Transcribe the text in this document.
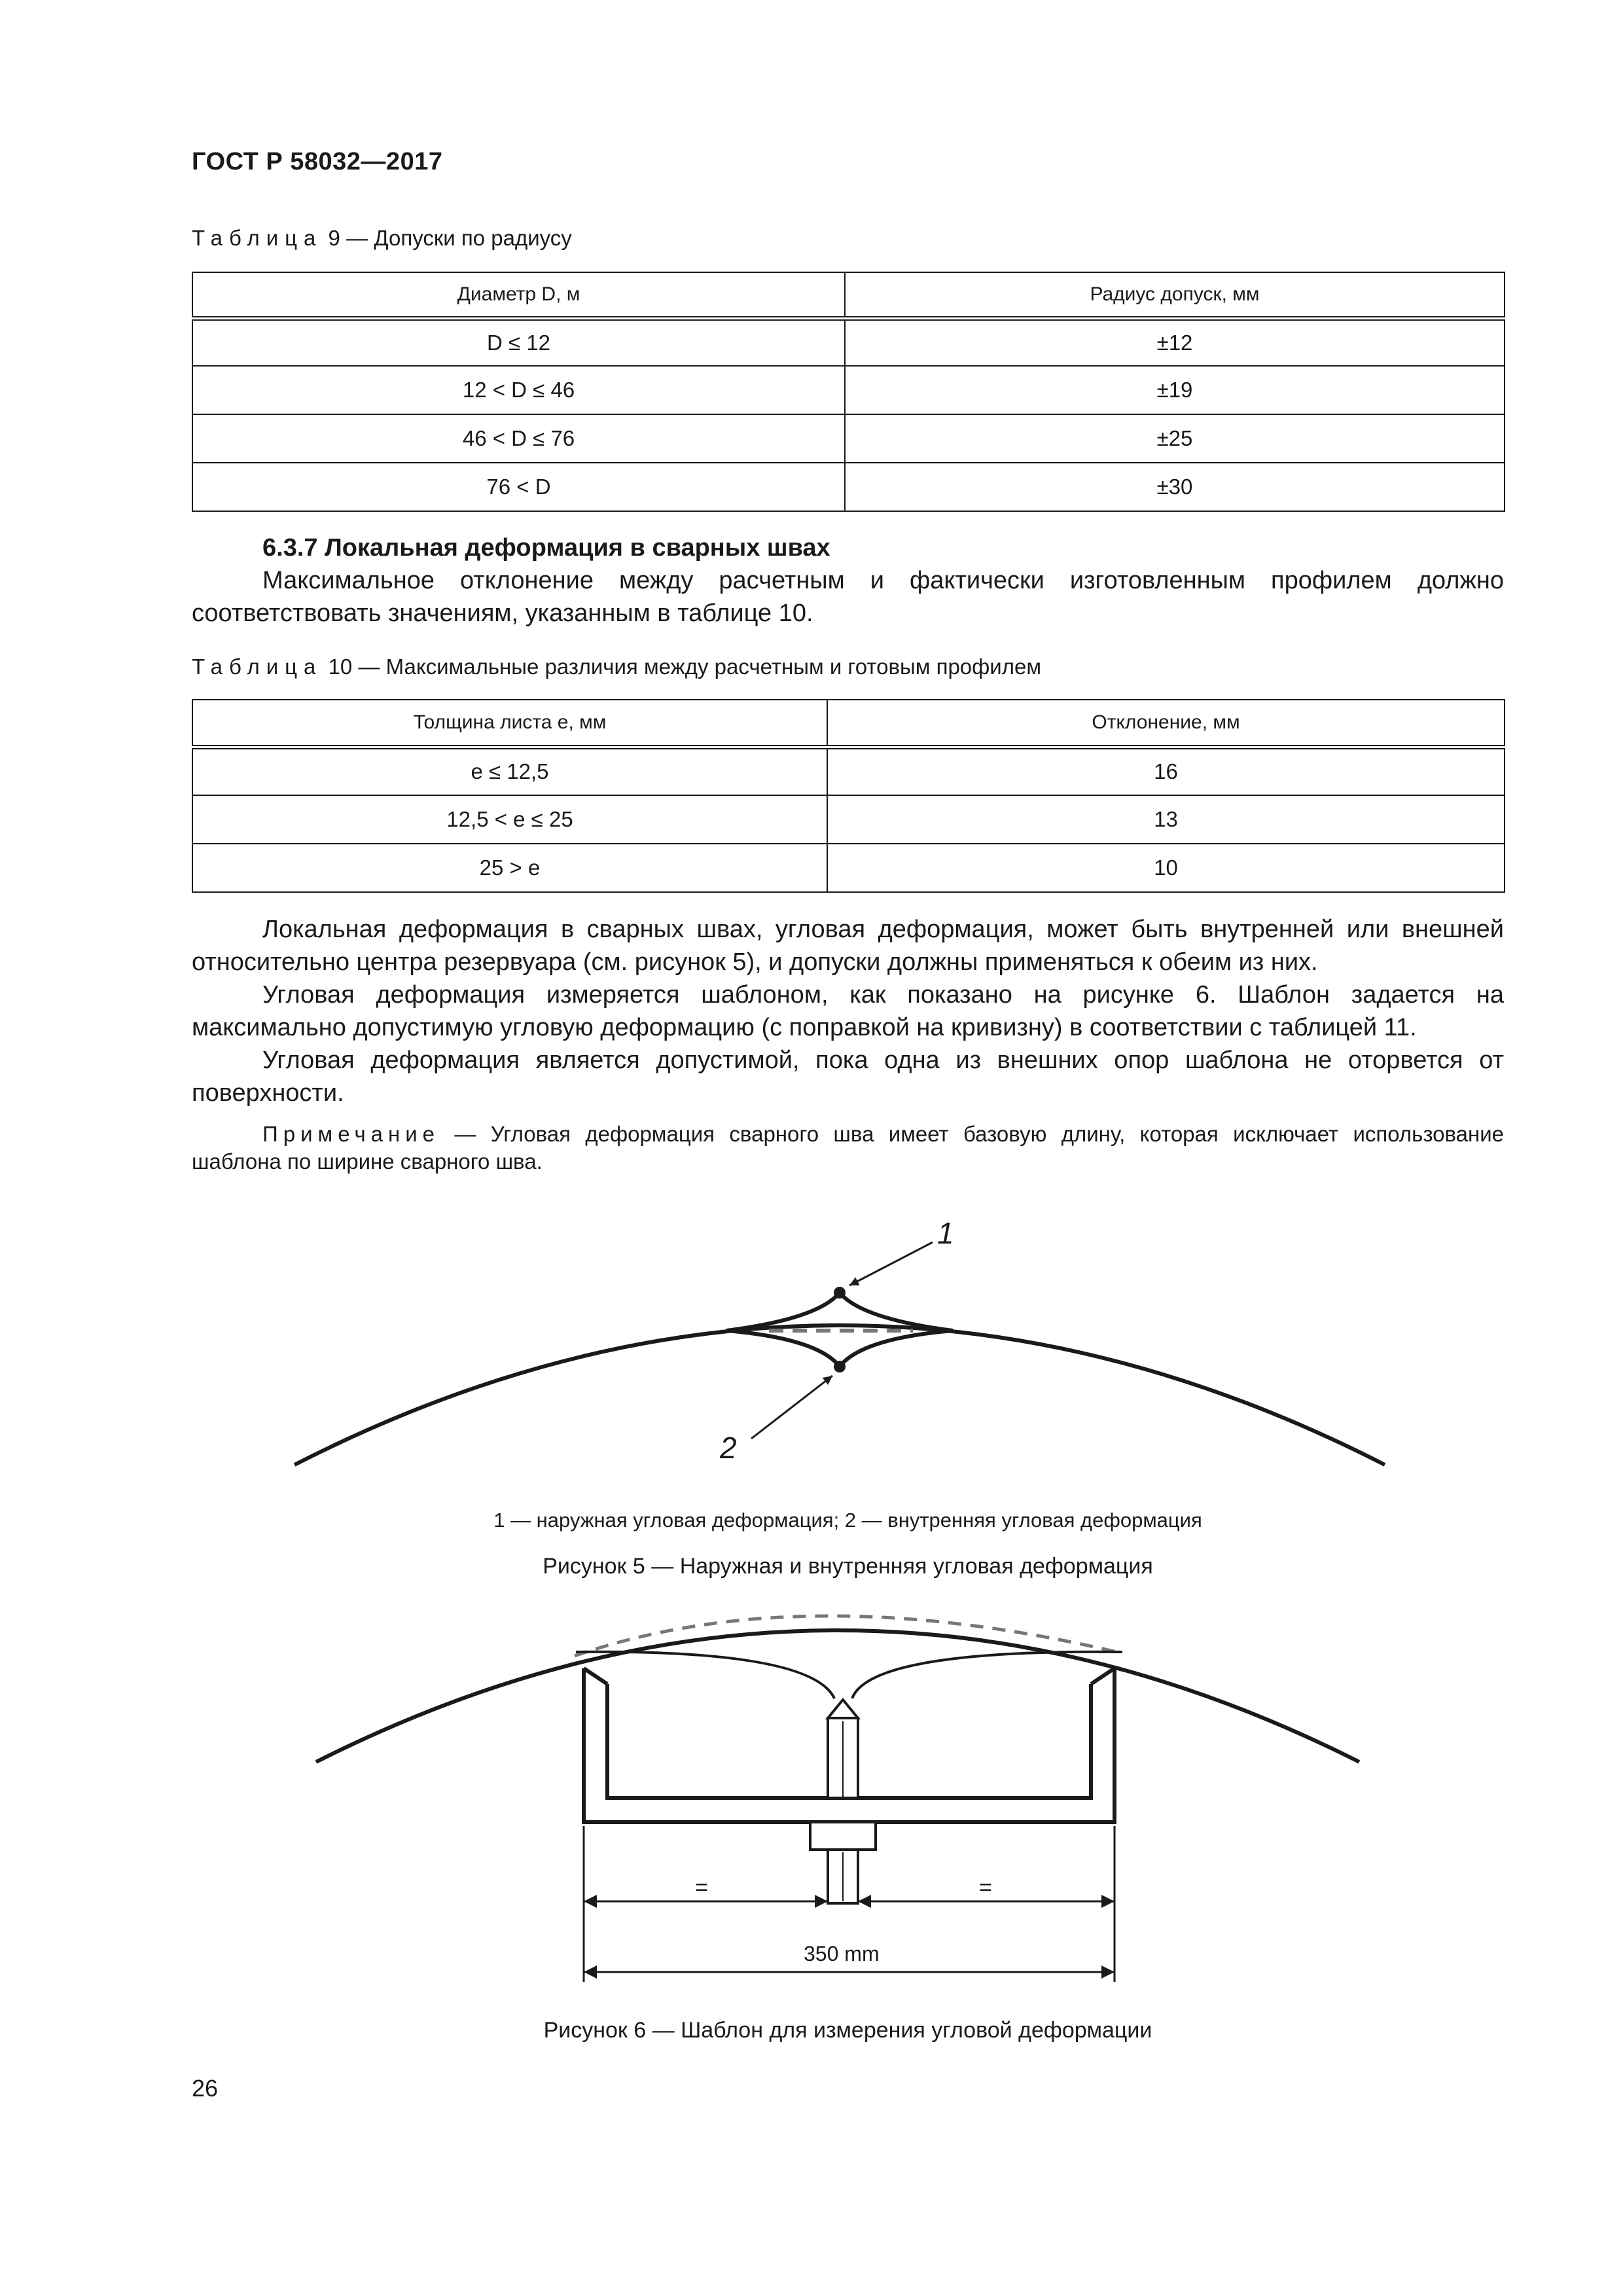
ГОСТ Р 58032—2017
Таблица 9 — Допуски по радиусу
Диаметр D, м	Радиус допуск, мм
D ≤ 12	±12
12 < D ≤ 46	±19
46 < D ≤ 76	±25
76 < D	±30
6.3.7 Локальная деформация в сварных швах
Максимальное отклонение между расчетным и фактически изготовленным профилем должно соответствовать значениям, указанным в таблице 10.
Таблица 10 — Максимальные различия между расчетным и готовым профилем
Толщина листа e, мм	Отклонение, мм
e ≤ 12,5	16
12,5 < e ≤ 25	13
25 > e	10
Локальная деформация в сварных швах, угловая деформация, может быть внутренней или внешней относительно центра резервуара (см. рисунок 5), и допуски должны применяться к обеим из них.
Угловая деформация измеряется шаблоном, как показано на рисунке 6. Шаблон задается на максимально допустимую угловую деформацию (с поправкой на кривизну) в соответствии с таблицей 11.
Угловая деформация является допустимой, пока одна из внешних опор шаблона не оторвется от поверхности.
Примечание — Угловая деформация сварного шва имеет базовую длину, которая исключает использование шаблона по ширине сварного шва.
1
2
=	=
350 mm
1 — наружная угловая деформация; 2 — внутренняя угловая деформация
Рисунок 5 — Наружная и внутренняя угловая деформация
Рисунок 6 — Шаблон для измерения угловой деформации
26
